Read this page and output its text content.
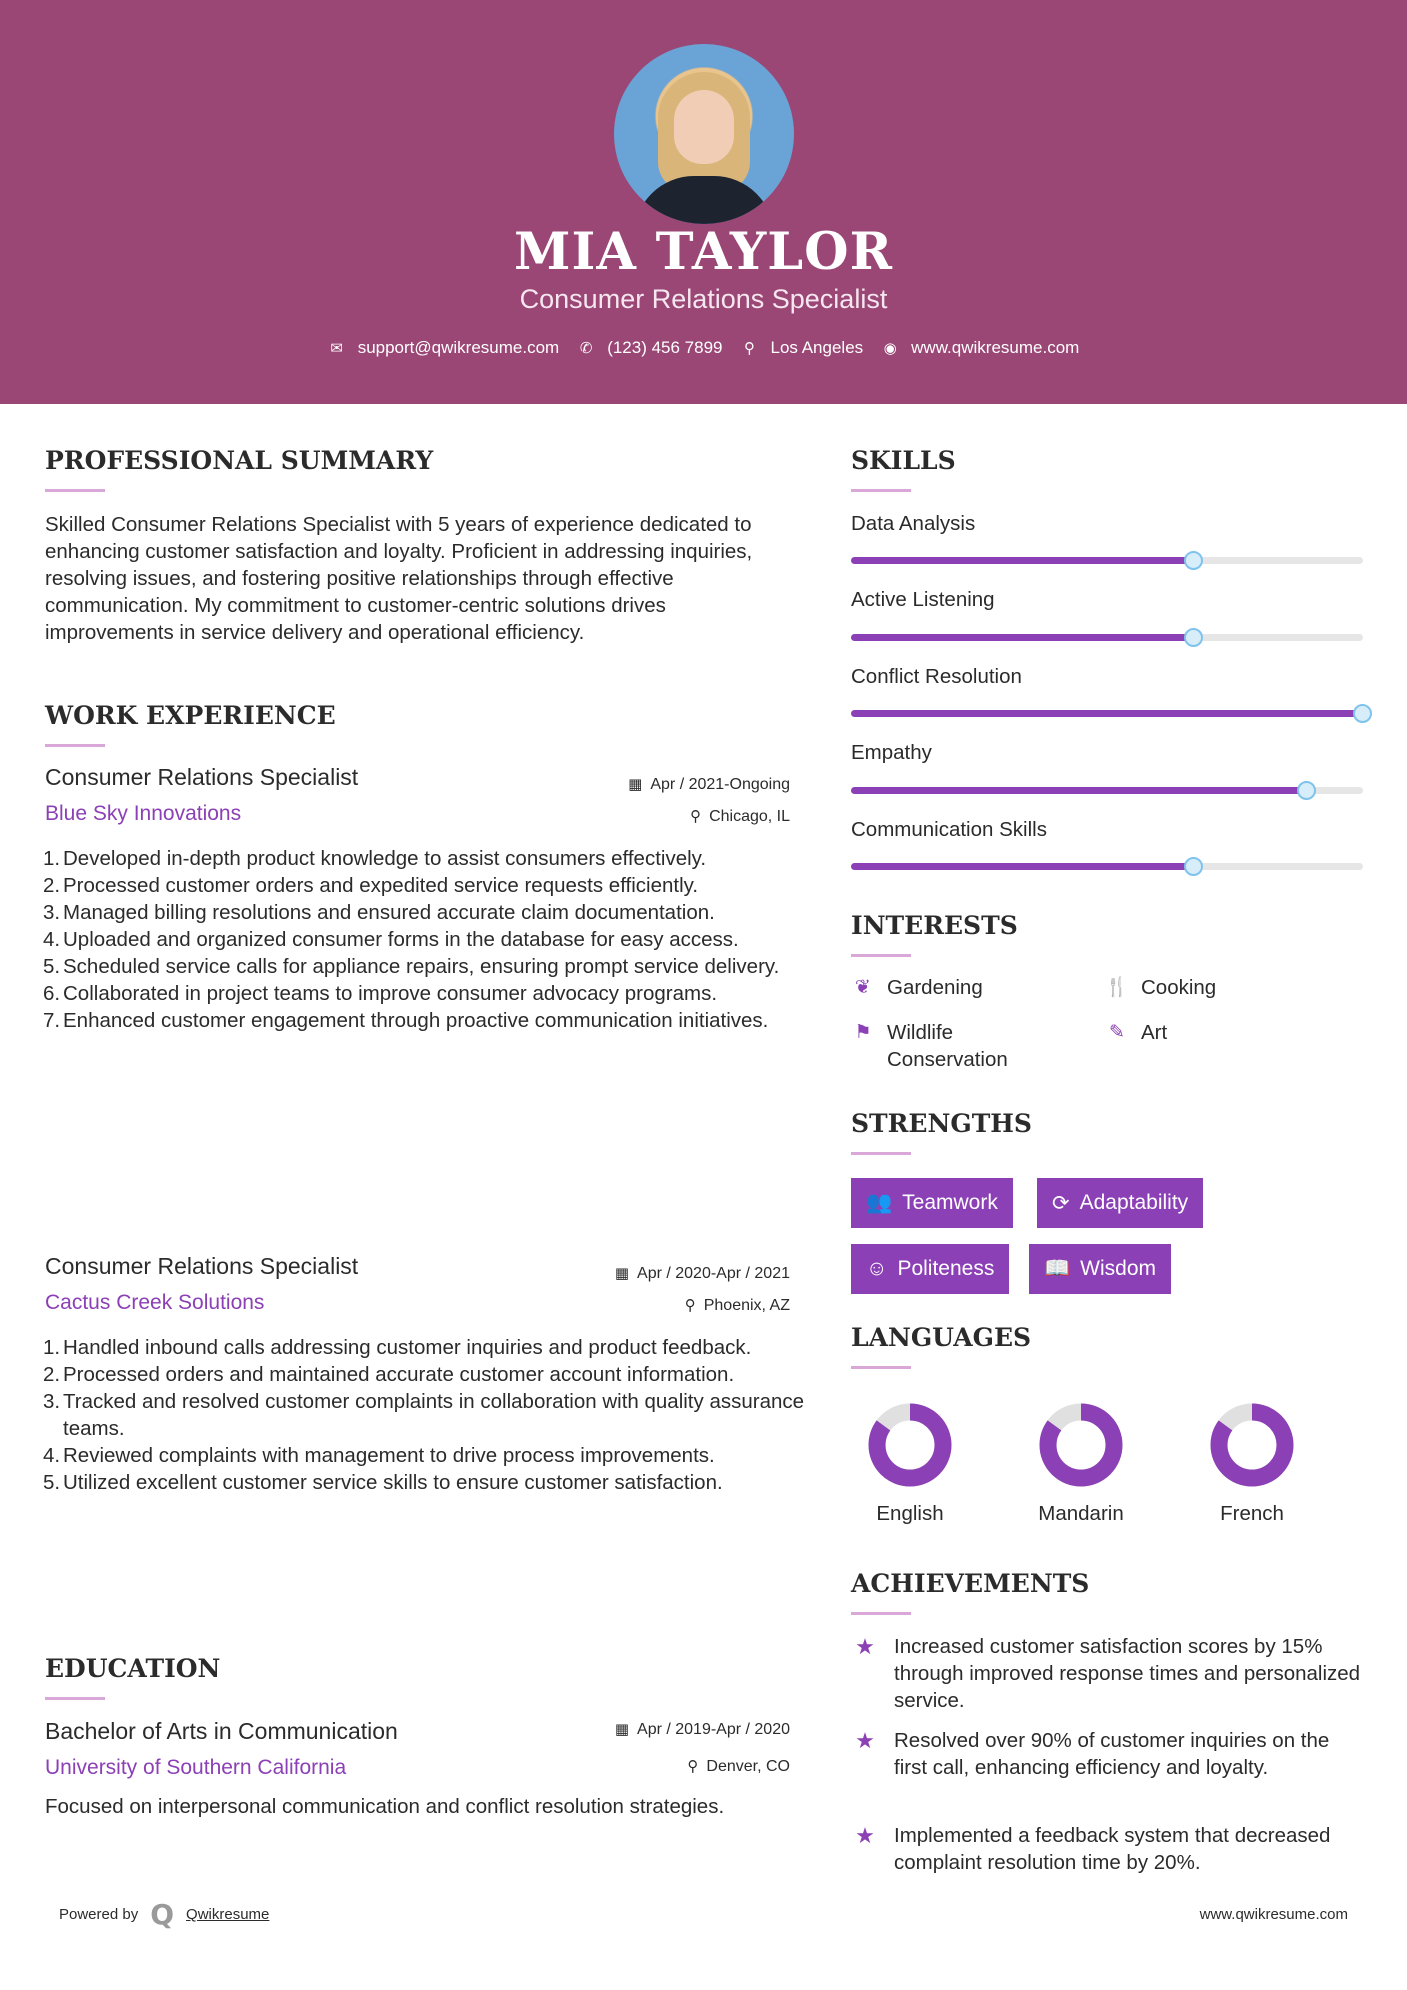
MIA TAYLOR
Consumer Relations Specialist
✉ support@qwikresume.com ✆ (123) 456 7899 ⚲ Los Angeles ◉ www.qwikresume.com
PROFESSIONAL SUMMARY
Skilled Consumer Relations Specialist with 5 years of experience dedicated to enhancing customer satisfaction and loyalty. Proficient in addressing inquiries, resolving issues, and fostering positive relationships through effective communication. My commitment to customer-centric solutions drives improvements in service delivery and operational efficiency.
WORK EXPERIENCE
Consumer Relations Specialist
Blue Sky Innovations
▦ Apr / 2021-Ongoing
⚲ Chicago, IL
1. Developed in-depth product knowledge to assist consumers effectively.
2. Processed customer orders and expedited service requests efficiently.
3. Managed billing resolutions and ensured accurate claim documentation.
4. Uploaded and organized consumer forms in the database for easy access.
5. Scheduled service calls for appliance repairs, ensuring prompt service delivery.
6. Collaborated in project teams to improve consumer advocacy programs.
7. Enhanced customer engagement through proactive communication initiatives.
Consumer Relations Specialist
Cactus Creek Solutions
▦ Apr / 2020-Apr / 2021
⚲ Phoenix, AZ
1. Handled inbound calls addressing customer inquiries and product feedback.
2. Processed orders and maintained accurate customer account information.
3. Tracked and resolved customer complaints in collaboration with quality assurance teams.
4. Reviewed complaints with management to drive process improvements.
5. Utilized excellent customer service skills to ensure customer satisfaction.
EDUCATION
Bachelor of Arts in Communication
University of Southern California
▦ Apr / 2019-Apr / 2020
⚲ Denver, CO
Focused on interpersonal communication and conflict resolution strategies.
SKILLS
Data Analysis
Active Listening
Conflict Resolution
Empathy
Communication Skills
INTERESTS
❦ Gardening	🍴 Cooking
⚑ Wildlife Conservation
✎ Art
STRENGTHS
👥 Teamwork	⟳ Adaptability
☺ Politeness 📖 Wisdom
LANGUAGES
English	Mandarin	French
ACHIEVEMENTS
★ Increased customer satisfaction scores by 15% through improved response times and personalized service.
★ Resolved over 90% of customer inquiries on the first call, enhancing efficiency and loyalty.
★ Implemented a feedback system that decreased complaint resolution time by 20%.
Powered by Q Qwikresume	www.qwikresume.com
